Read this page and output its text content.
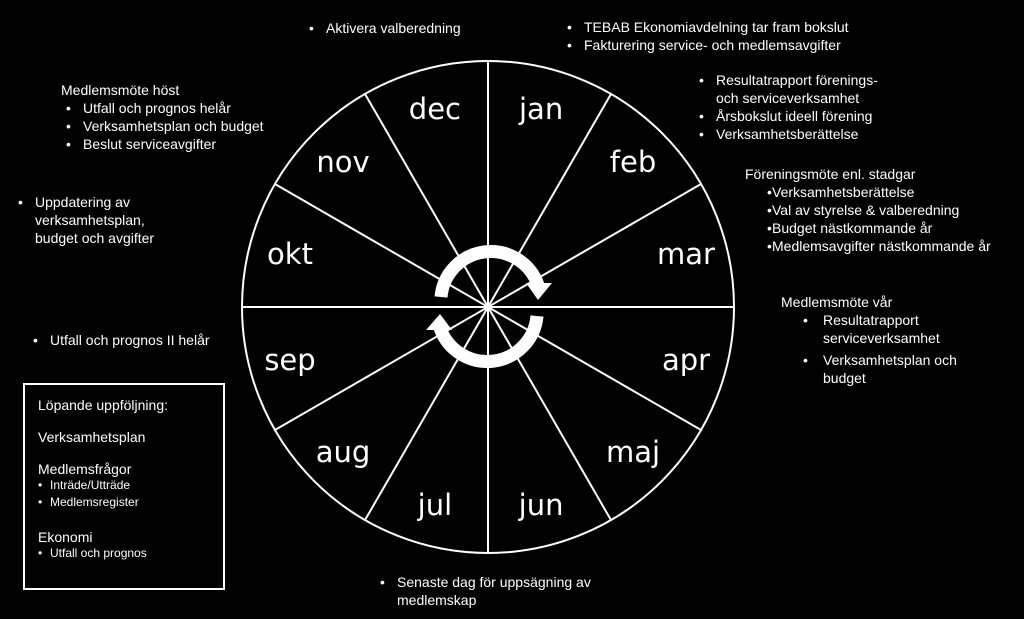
jan
feb
mar
apr
maj
jun
jul
aug
sep
okt
nov
dec
• Aktivera valberedning
•	TEBAB Ekonomiavdelning tar fram bokslut
• Fakturering service- och medlemsavgifter
• Resultatrapport förenings- och serviceverksamhet
• Årsbokslut ideell förening
• Verksamhetsberättelse
Föreningsmöte enl. stadgar
• Verksamhetsberättelse
• Val av styrelse & valberedning
• Budget nästkommande år
• Medlemsavgifter nästkommande år
Medlemsmöte vår
• Resultatrapport serviceverksamhet
• Verksamhetsplan och budget
Medlemsmöte höst
• Utfall och prognos helår
• Verksamhetsplan och budget
• Beslut serviceavgifter
• Uppdatering av verksamhetsplan, budget och avgifter
• Utfall och prognos II helår
• Senaste dag för uppsägning av medlemskap
Löpande uppföljning:
Verksamhetsplan
Medlemsfrågor
• Inträde/Utträde
• Medlemsregister
Ekonomi
• Utfall och prognos
